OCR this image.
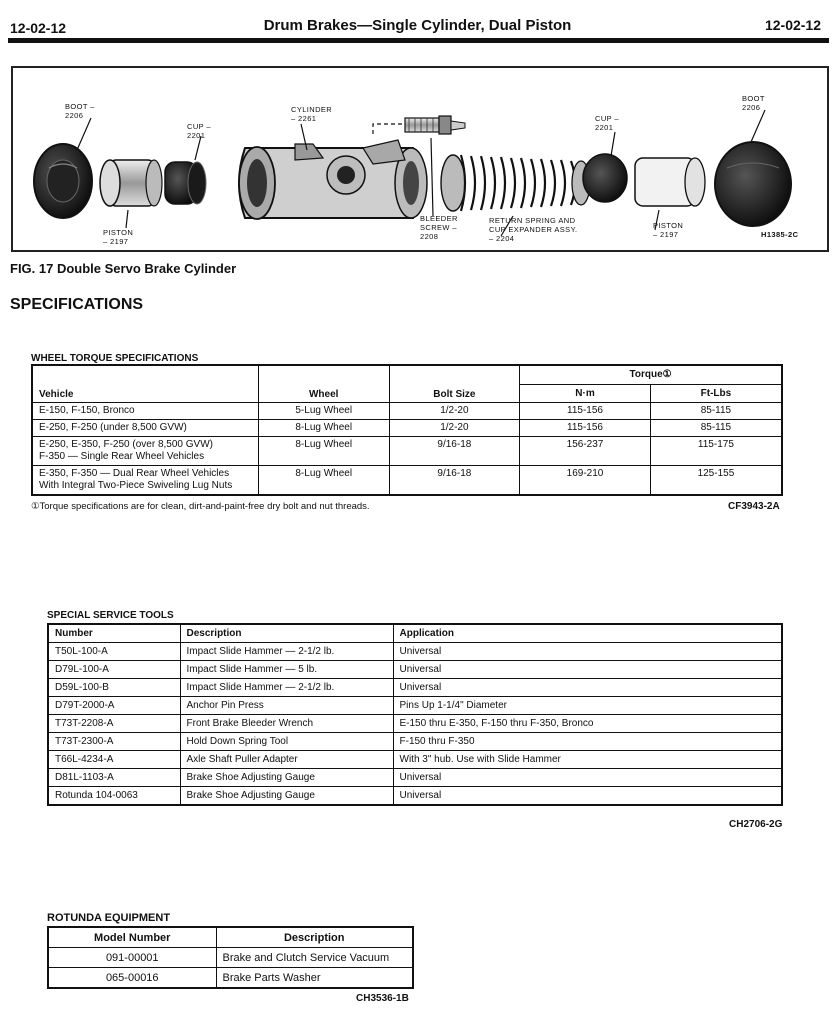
12-02-12	Drum Brakes—Single Cylinder, Dual Piston	12-02-12
BOOT –
2206
CUP –
2201
PISTON
– 2197
CYLINDER
– 2261
BLEEDER
SCREW –
2208
RETURN SPRING AND
CUP EXPANDER ASSY.
– 2204
CUP –
2201
PISTON
– 2197
BOOT
2206
H1385-2C
FIG. 17 Double Servo Brake Cylinder
SPECIFICATIONS
WHEEL TORQUE SPECIFICATIONS
Vehicle	Wheel	Bolt Size	Torque①	
			N·m	Ft-Lbs
E-150, F-150, Bronco	5-Lug Wheel	1/2-20	115-156	85-115
E-250, F-250 (under 8,500 GVW)	8-Lug Wheel	1/2-20	115-156	85-115

E-250, E-350, F-250 (over 8,500 GVW)
F-350 — Single Rear Wheel Vehicles	8-Lug Wheel	9/16-18	156-237	115-175

E-350, F-350 — Dual Rear Wheel Vehicles
With Integral Two-Piece Swiveling Lug Nuts	8-Lug Wheel	9/16-18	169-210	125-155
①Torque specifications are for clean, dirt-and-paint-free dry bolt and nut threads.	CF3943-2A
SPECIAL SERVICE TOOLS
Number	Description	Application
T50L-100-A	Impact Slide Hammer — 2-1/2 lb.	Universal
D79L-100-A	Impact Slide Hammer — 5 lb.	Universal
D59L-100-B	Impact Slide Hammer — 2-1/2 lb.	Universal
D79T-2000-A	Anchor Pin Press	Pins Up 1-1/4" Diameter
T73T-2208-A	Front Brake Bleeder Wrench	E-150 thru E-350, F-150 thru F-350, Bronco
T73T-2300-A	Hold Down Spring Tool	F-150 thru F-350
T66L-4234-A	Axle Shaft Puller Adapter	With 3" hub. Use with Slide Hammer
D81L-1103-A	Brake Shoe Adjusting Gauge	Universal
Rotunda 104-0063	Brake Shoe Adjusting Gauge	Universal
CH2706-2G
ROTUNDA EQUIPMENT
Model Number	Description
091-00001	Brake and Clutch Service Vacuum
065-00016	Brake Parts Washer
CH3536-1B
